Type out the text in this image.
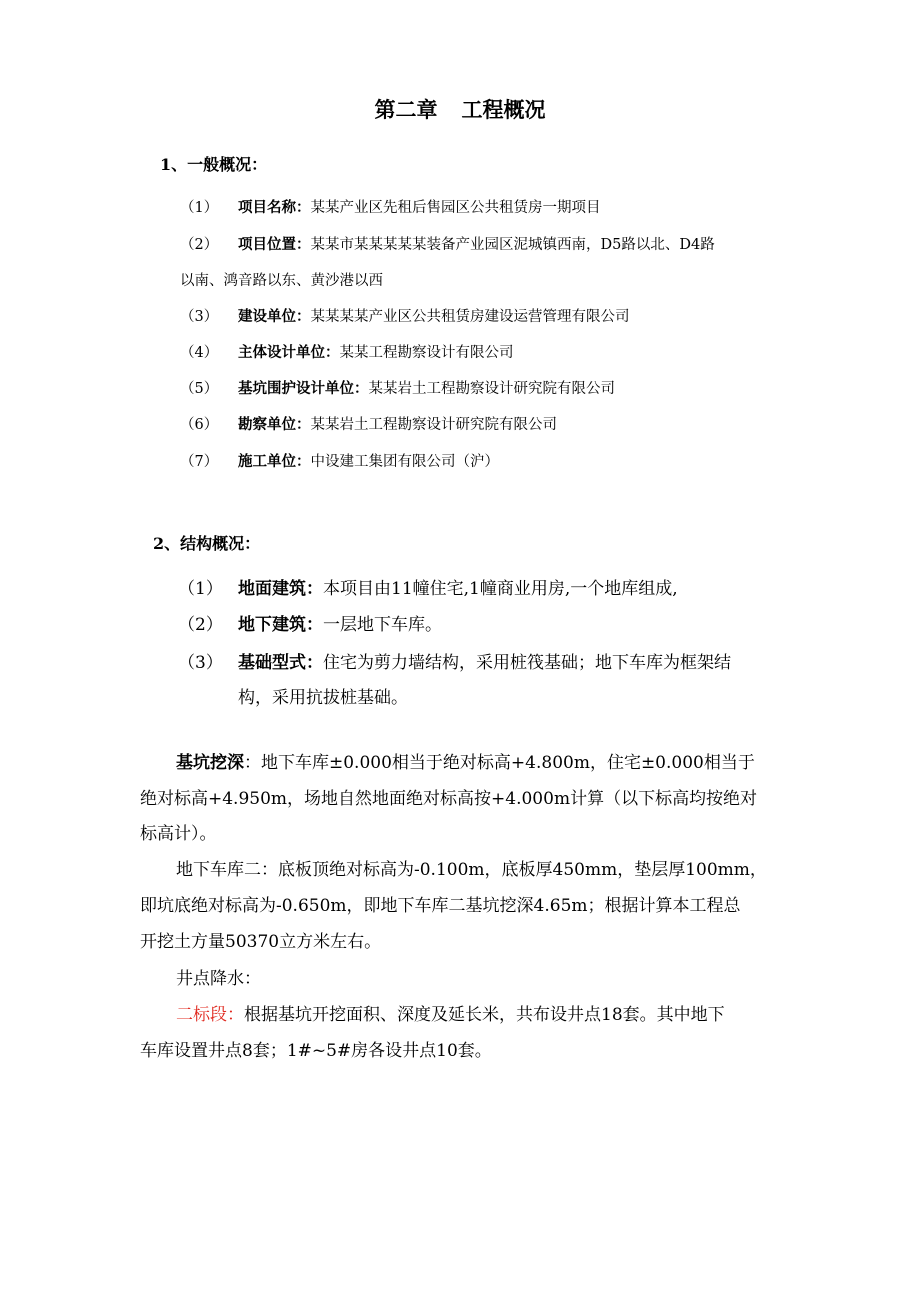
第二章 工程概况
1、一般概况：
（1） 项目名称：某某产业区先租后售园区公共租赁房一期项目
（2） 项目位置：某某市某某某某某装备产业园区泥城镇西南，D5路以北、D4路
以南、鸿音路以东、黄沙港以西
（3） 建设单位：某某某某产业区公共租赁房建设运营管理有限公司
（4） 主体设计单位：某某工程勘察设计有限公司
（5） 基坑围护设计单位：某某岩土工程勘察设计研究院有限公司
（6） 勘察单位：某某岩土工程勘察设计研究院有限公司
（7） 施工单位：中设建工集团有限公司（沪）
2、结构概况：
（1） 地面建筑：本项目由11幢住宅,1幢商业用房,一个地库组成,
（2） 地下建筑：一层地下车库。
（3） 基础型式：住宅为剪力墙结构，采用桩筏基础；地下车库为框架结
构，采用抗拔桩基础。
基坑挖深：地下车库±0.000相当于绝对标高+4.800m，住宅±0.000相当于
绝对标高+4.950m，场地自然地面绝对标高按+4.000m计算（以下标高均按绝对
标高计）。
地下车库二：底板顶绝对标高为-0.100m，底板厚450mm，垫层厚100mm，
即坑底绝对标高为-0.650m，即地下车库二基坑挖深4.65m；根据计算本工程总
开挖土方量50370立方米左右。
井点降水：
二标段：根据基坑开挖面积、深度及延长米，共布设井点18套。其中地下
车库设置井点8套；1#~5#房各设井点10套。
